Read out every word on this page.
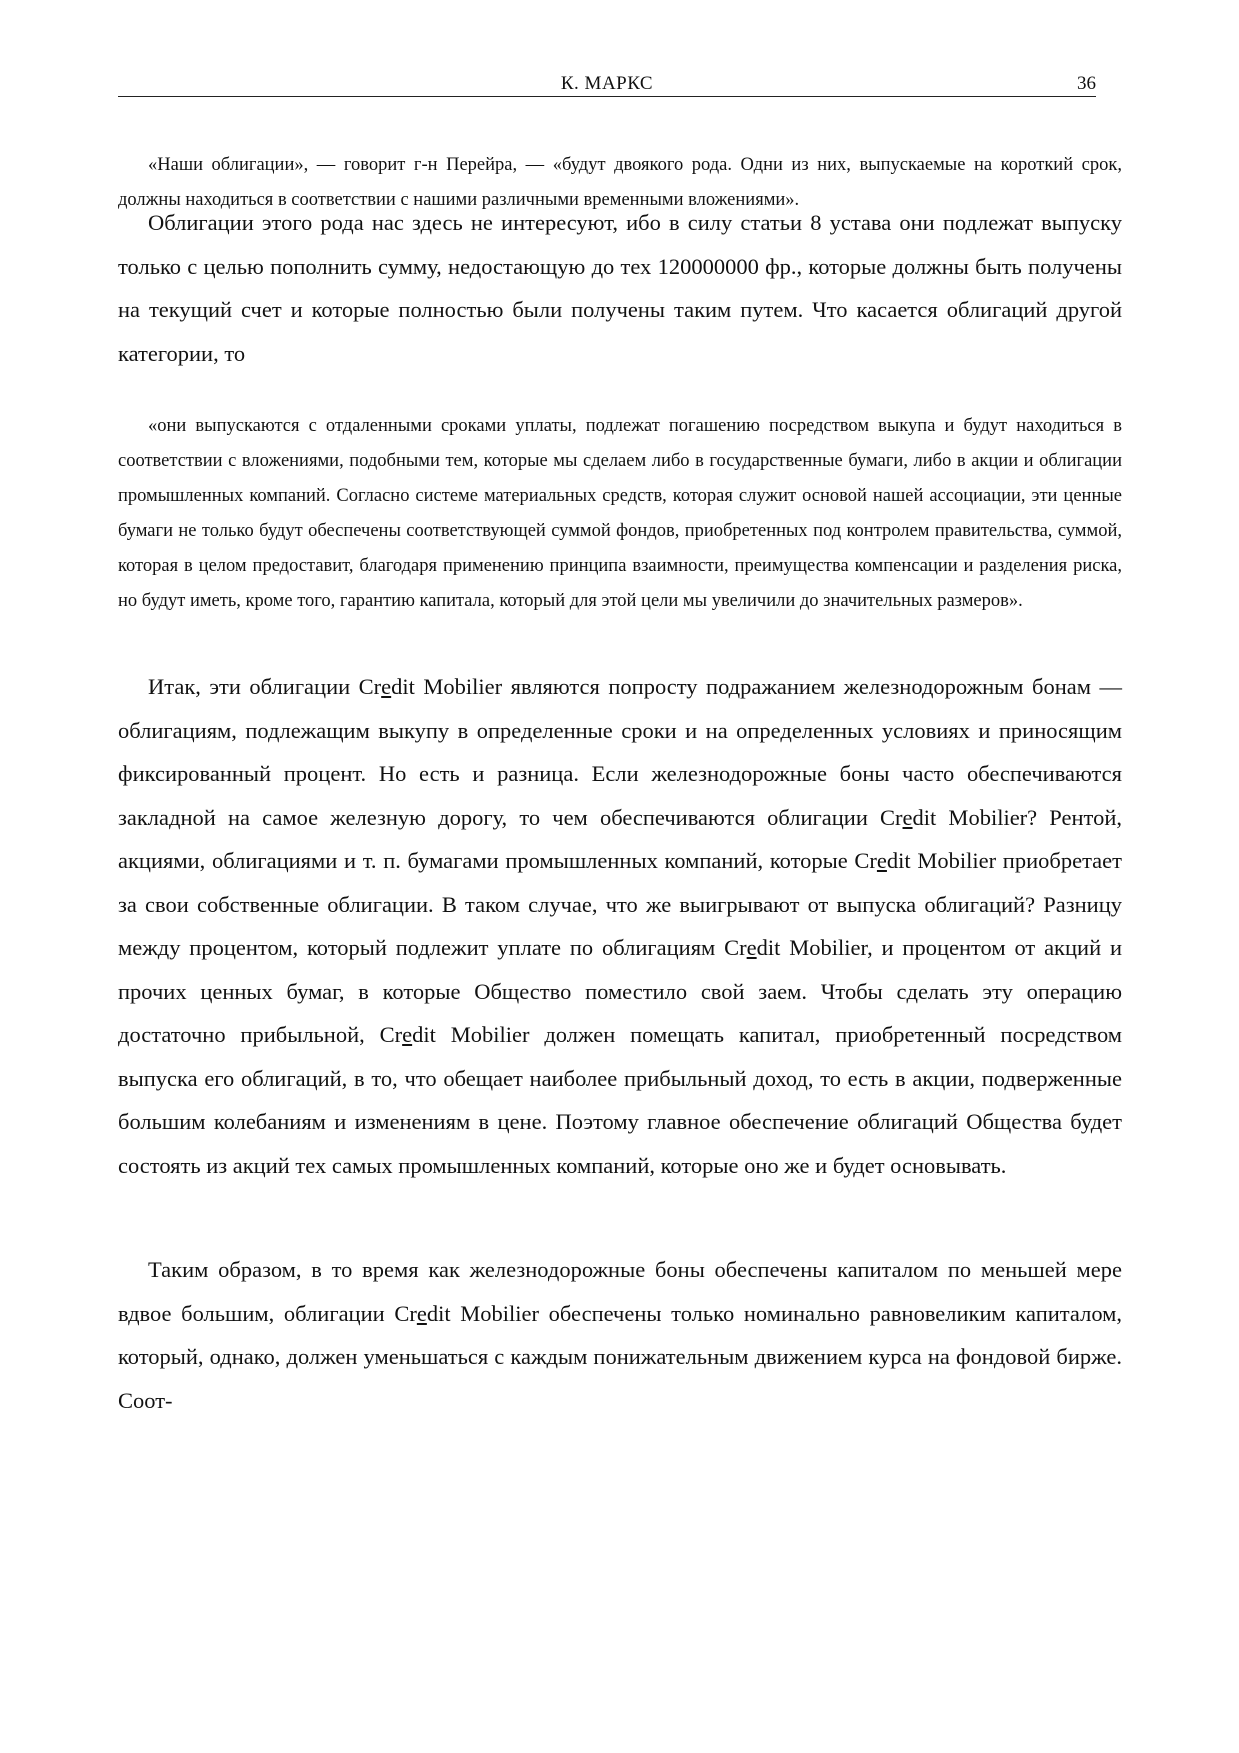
К. МАРКС	36

«Наши облигации», — говорит г-н Перейра, — «будут двоякого рода. Одни из них, выпускаемые на короткий срок, должны находиться в соответствии с нашими различными временными вложениями».

Облигации этого рода нас здесь не интересуют, ибо в силу статьи 8 устава они подлежат выпуску только с целью пополнить сумму, недостающую до тех 120000000 фр., которые должны быть получены на текущий счет и которые полностью были получены таким путем. Что касается облигаций другой категории, то

«они выпускаются с отдаленными сроками уплаты, подлежат погашению посредством выкупа и будут находиться в соответствии с вложениями, подобными тем, которые мы сделаем либо в государственные бумаги, либо в акции и облигации промышленных компаний. Согласно системе материальных средств, которая служит основой нашей ассоциации, эти ценные бумаги не только будут обеспечены соответствующей суммой фондов, приобретенных под контролем правительства, суммой, которая в целом предоставит, благодаря применению принципа взаимности, преимущества компенсации и разделения риска, но будут иметь, кроме того, гарантию капитала, который для этой цели мы увеличили до значительных размеров».

Итак, эти облигации Credit Mobilier являются попросту подражанием железнодорожным бонам — облигациям, подлежащим выкупу в определенные сроки и на определенных условиях и приносящим фиксированный процент. Но есть и разница. Если железнодорожные боны часто обеспечиваются закладной на самое железную дорогу, то чем обеспечиваются облигации Credit Mobilier? Рентой, акциями, облигациями и т. п. бумагами промышленных компаний, которые Credit Mobilier приобретает за свои собственные облигации. В таком случае, что же выигрывают от выпуска облигаций? Разницу между процентом, который подлежит уплате по облигациям Credit Mobilier, и процентом от акций и прочих ценных бумаг, в которые Общество поместило свой заем. Чтобы сделать эту операцию достаточно прибыльной, Credit Mobilier должен помещать капитал, приобретенный посредством выпуска его облигаций, в то, что обещает наиболее прибыльный доход, то есть в акции, подверженные большим колебаниям и изменениям в цене. Поэтому главное обеспечение облигаций Общества будет состоять из акций тех самых промышленных компаний, которые оно же и будет основывать.

Таким образом, в то время как железнодорожные боны обеспечены капиталом по меньшей мере вдвое большим, облигации Credit Mobilier обеспечены только номинально равновеликим капиталом, который, однако, должен уменьшаться с каждым понижательным движением курса на фондовой бирже. Соот-
